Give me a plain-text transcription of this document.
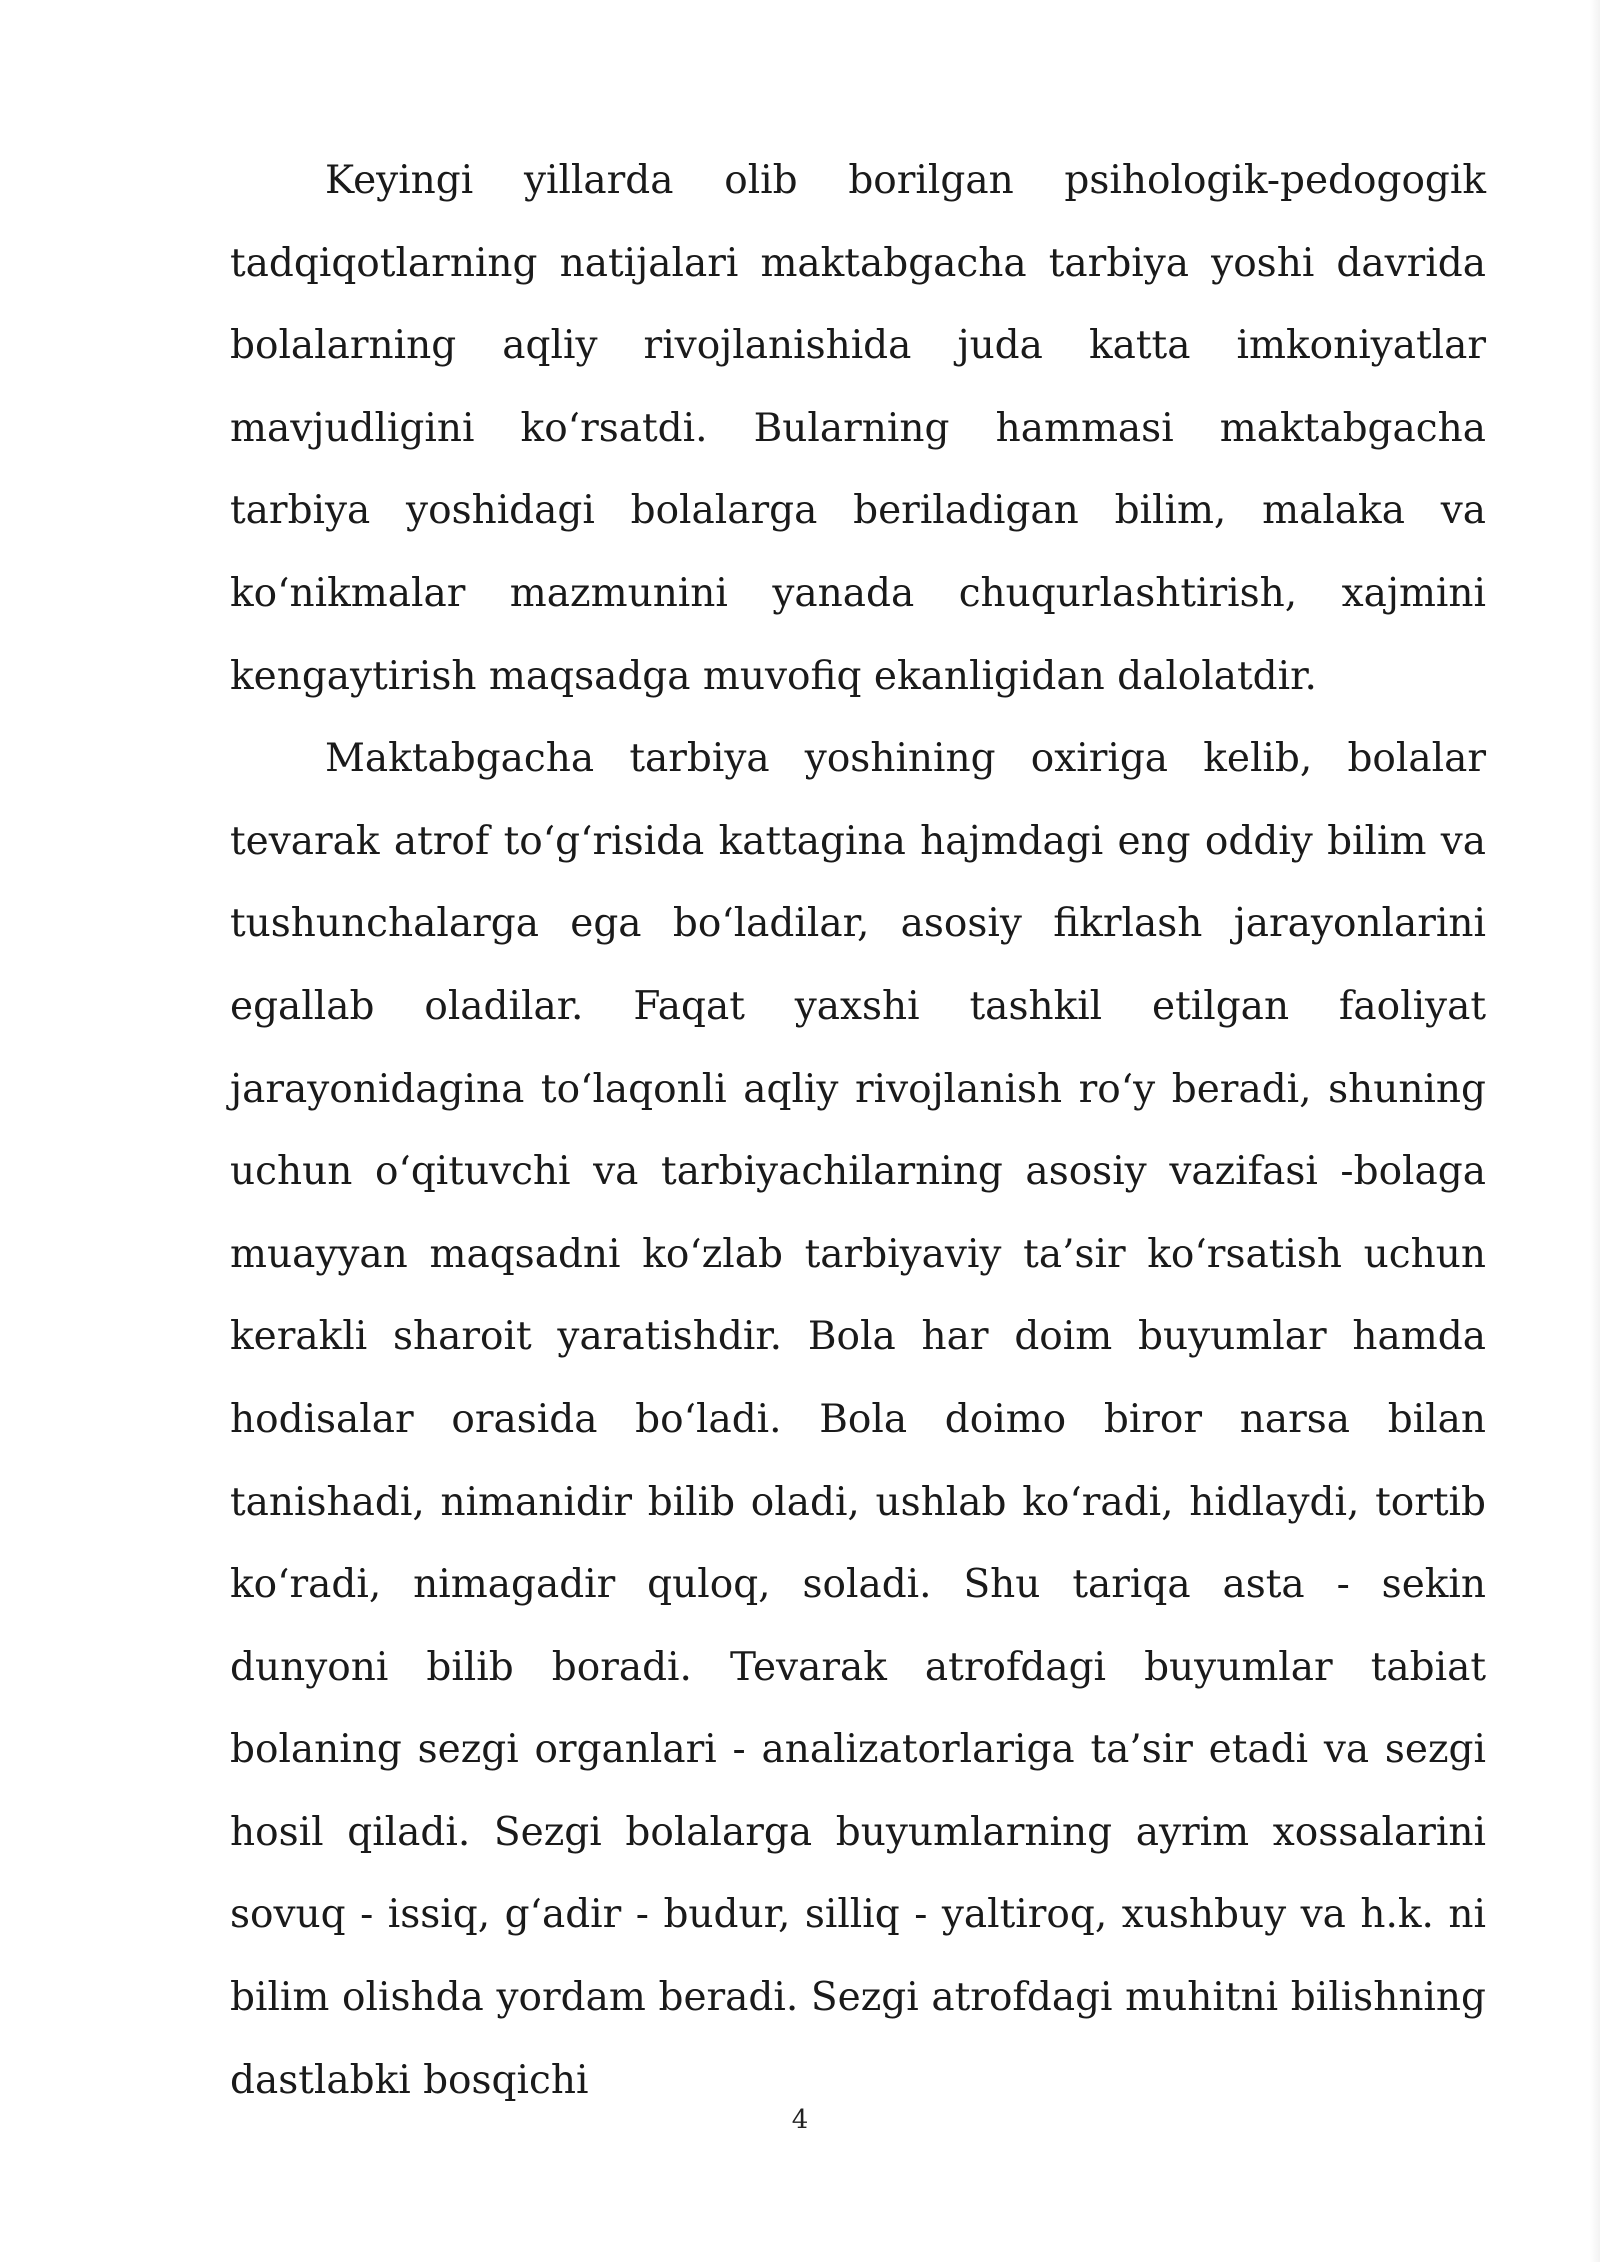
Keyingi yillarda olib borilgan psihologik-pedogogik tadqiqotlarning natijalari maktabgacha tarbiya yoshi davrida bolalarning aqliy rivojlanishida juda katta imkoniyatlar mavjudligini ko‘rsatdi. Bularning hammasi maktabgacha tarbiya yoshidagi bolalarga beriladigan bilim, malaka va ko‘nikmalar mazmunini yanada chuqurlashtirish, xajmini kengaytirish maqsadga muvofiq ekanligidan dalolatdir.

Maktabgacha tarbiya yoshining oxiriga kelib, bolalar tevarak atrof to‘g‘risida kattagina hajmdagi eng oddiy bilim va tushunchalarga ega bo‘ladilar, asosiy fikrlash jarayonlarini egallab oladilar. Faqat yaxshi tashkil etilgan faoliyat jarayonidagina to‘laqonli aqliy rivojlanish ro‘y beradi, shuning uchun o‘qituvchi va tarbiyachilarning asosiy vazifasi -bolaga muayyan maqsadni ko‘zlab tarbiyaviy ta’sir ko‘rsatish uchun kerakli sharoit yaratishdir. Bola har doim buyumlar hamda hodisalar orasida bo‘ladi. Bola doimo biror narsa bilan tanishadi, nimanidir bilib oladi, ushlab ko‘radi, hidlaydi, tortib ko‘radi, nimagadir quloq, soladi. Shu tariqa asta - sekin dunyoni bilib boradi. Tevarak atrofdagi buyumlar tabiat bolaning sezgi organlari - analizatorlariga ta’sir etadi va sezgi hosil qiladi. Sezgi bolalarga buyumlarning ayrim xossalarini sovuq - issiq, g‘adir - budur, silliq - yaltiroq, xushbuy va h.k. ni bilim olishda yordam beradi. Sezgi atrofdagi muhitni bilishning dastlabki bosqichi

4
